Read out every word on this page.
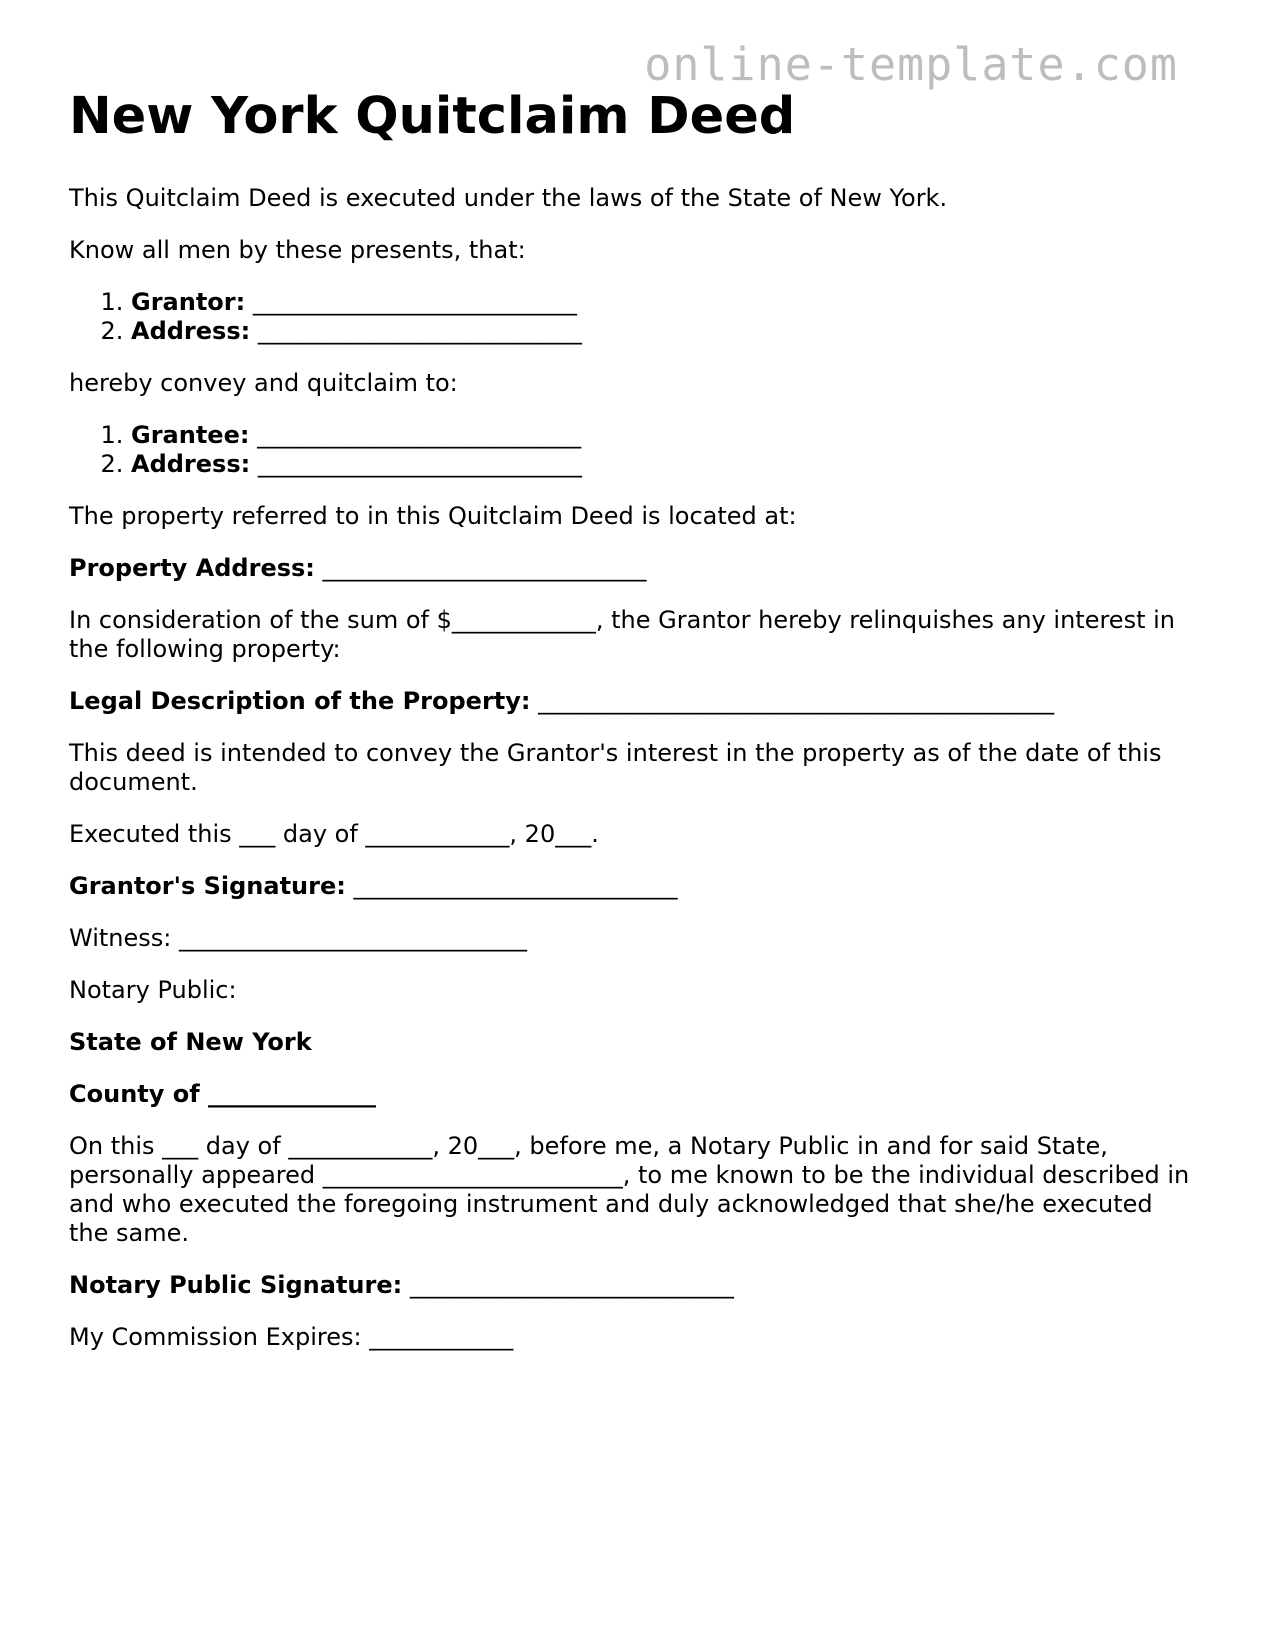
online-template.com
New York Quitclaim Deed

This Quitclaim Deed is executed under the laws of the State of New York.

Know all men by these presents, that:

1. Grantor: ___________________________
2. Address: ___________________________

hereby convey and quitclaim to:

1. Grantee: ___________________________
2. Address: ___________________________

The property referred to in this Quitclaim Deed is located at:

Property Address: ___________________________

In consideration of the sum of $____________, the Grantor hereby relinquishes any interest in the following property:

Legal Description of the Property: ___________________________________________

This deed is intended to convey the Grantor's interest in the property as of the date of this document.

Executed this ___ day of ____________, 20___.

Grantor's Signature: ___________________________

Witness: _____________________________

Notary Public:

State of New York

County of ______________

On this ___ day of ____________, 20___, before me, a Notary Public in and for said State, personally appeared _________________________, to me known to be the individual described in and who executed the foregoing instrument and duly acknowledged that she/he executed the same.

Notary Public Signature: ___________________________

My Commission Expires: ____________
